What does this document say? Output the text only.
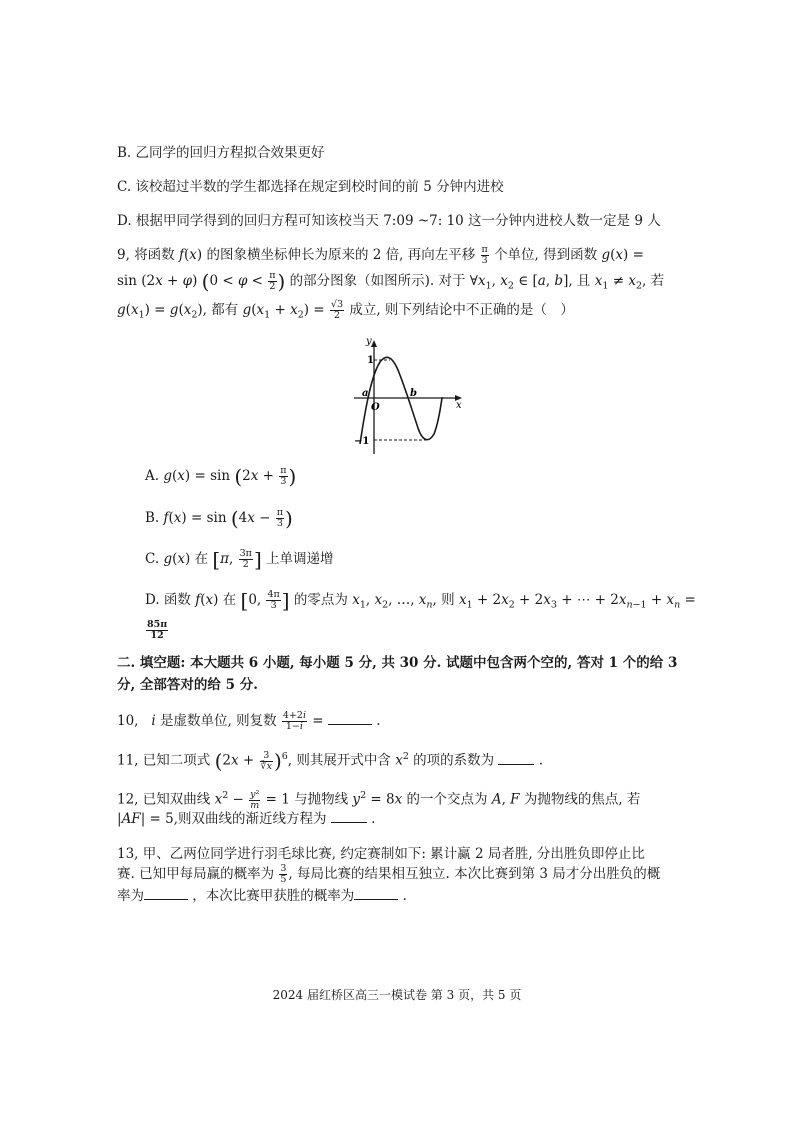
B. 乙同学的回归方程拟合效果更好
C. 该校超过半数的学生都选择在规定到校时间的前 5 分钟内进校
D. 根据甲同学得到的回归方程可知该校当天 7:09 ~7: 10 这一分钟内进校人数一定是 9 人
9, 将函数 f(x) 的图象横坐标伸长为原来的 2 倍, 再向左平移 $\frac{\pi}{3}$ 个单位, 得到函数 g(x) =
sin (2x + φ) ($0 < \varphi < \frac{\pi}{2}$ ) 的部分图象（如图所示). 对于 $\forall x_1$, $x_2$ ∈ [a, b], 且 $x_1 \ne x_2$, 若
$g(x_1) = g(x_2)$, 都有 $g(x_1 + x_2) = \frac{√3}{2}$ 成立, 则下列结论中不正确的是（　）
y
x
1
a
O
b
−1
A. $g(x) = \sin (2x + \frac{\pi}{3}$ )
B. $f(x) = \sin (4x - \frac{\pi}{3}$ )
C. g(x) 在 [π, $\frac{3\pi}{2}$ ] 上单调递增
D. 函数 f(x) 在 [0, $\frac{4\pi}{3}$ ] 的零点为 $x_1$, $x_2$, …, $x_n$, 则 $x_1 + 2x_2 + 2x_3$ + ⋯ + $2x_{n-1} + x_n$ =
$\frac{85\pi}{12}$
二. 填空题: 本大题共 6 小题, 每小题 5 分, 共 30 分. 试题中包含两个空的, 答对 1 个的给 3
分, 全部答对的给 5 分.
10, i 是虚数单位, 则复数 $\frac{4+2i}{1-i}$ =	.
11, 已知二项式 $(2x + \frac{3}{∛x} )^6$, 则其展开式中含 $x^2$ 的项的系数为	.
12, 已知双曲线 $x^2 - \frac{\text{y²}}{m} = 1$ 与抛物线 $y^2 = 8x$ 的一个交点为 A, F 为抛物线的焦点, 若
|AF| = 5,则双曲线的渐近线方程为	.
13, 甲、乙两位同学进行羽毛球比赛, 约定赛制如下: 累计赢 2 局者胜, 分出胜负即停止比
赛. 已知甲每局赢的概率为 $\frac{3}{5}$ , 每局比赛的结果相互独立. 本次比赛到第 3 局才分出胜负的概
率为	，本次比赛甲获胜的概率为	.
2024 届红桥区高三一模试卷 第 3 页，共 5 页
